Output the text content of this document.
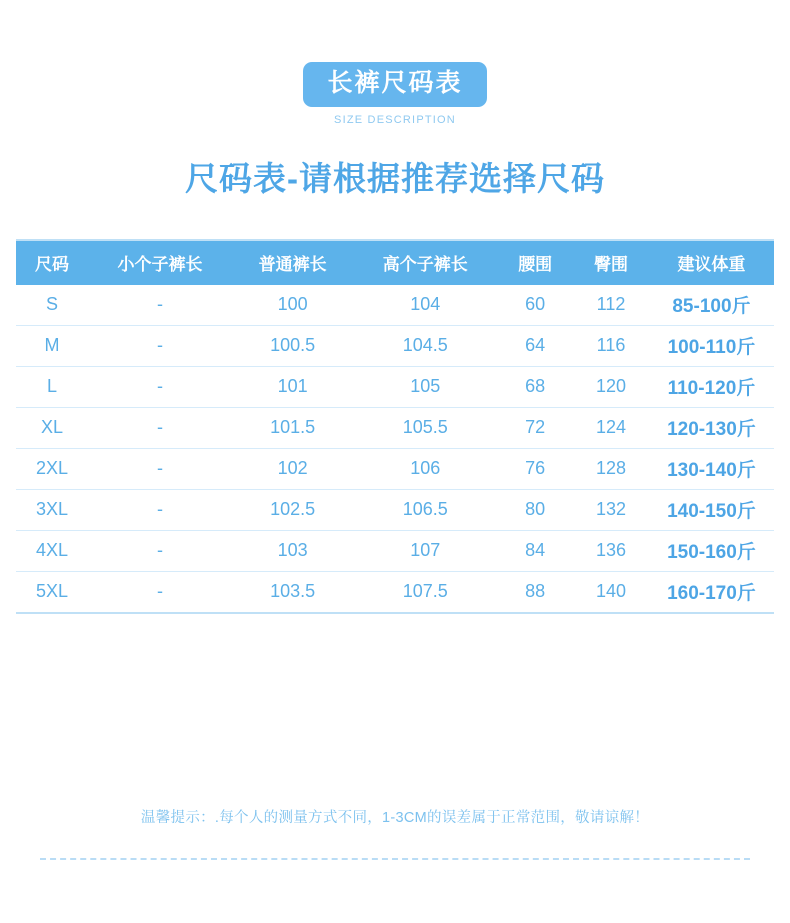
长裤尺码表
SIZE DESCRIPTION
尺码表-请根据推荐选择尺码
尺码	小个子裤长	普通裤长	高个子裤长	腰围	臀围	建议体重
S	-	100	104	60	112	85-100斤
M	-	100.5	104.5	64	116	100-110斤
L	-	101	105	68	120	110-120斤
XL	-	101.5	105.5	72	124	120-130斤
2XL	-	102	106	76	128	130-140斤
3XL	-	102.5	106.5	80	132	140-150斤
4XL	-	103	107	84	136	150-160斤
5XL	-	103.5	107.5	88	140	160-170斤
温馨提示：.每个人的测量方式不同，1-3CM的误差属于正常范围，敬请谅解！
